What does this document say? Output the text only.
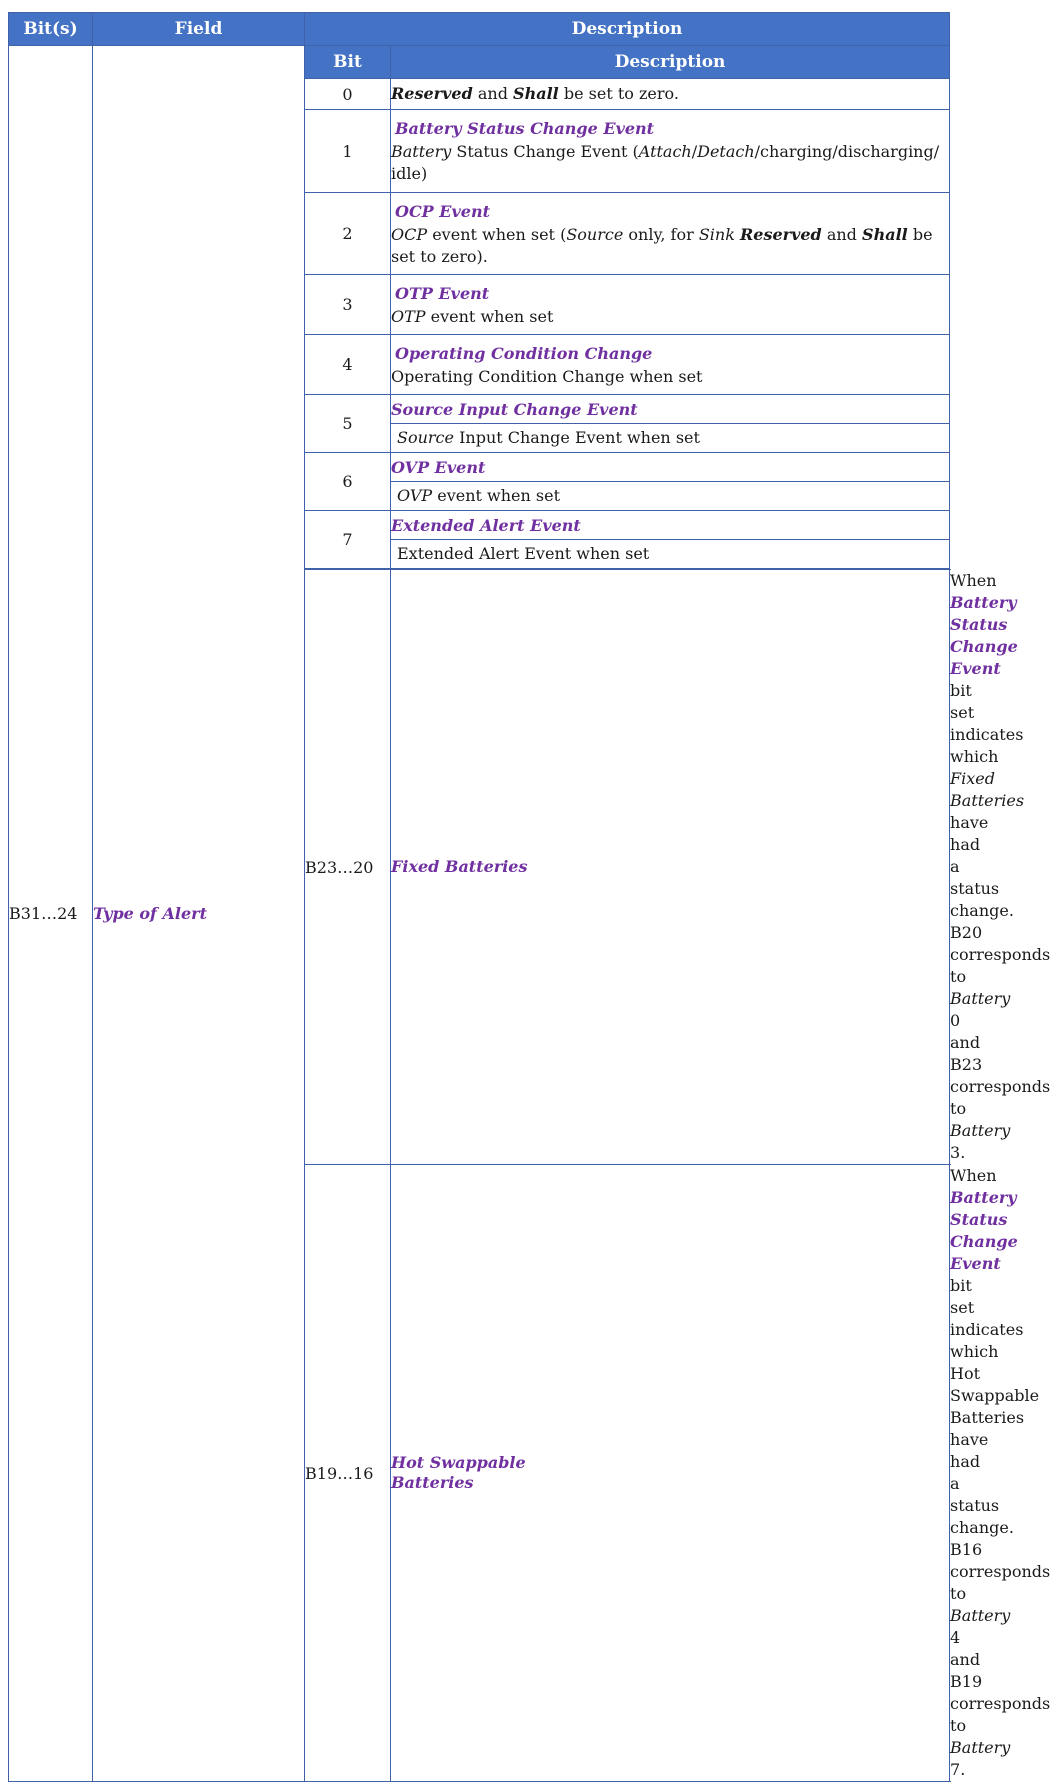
Bit(s)	Field	Description		
B31…24	Type of Alert	Bit	Description	
		0	Reserved and Shall be set to zero.	
		1	Battery Status Change Event
Battery Status Change Event (Attach/Detach/charging/discharging/ idle)	

		2	OCP Event
OCP event when set (Source only, for Sink Reserved and Shall be set to zero).	

		3	OTP Event
OTP event when set	

		4	Operating Condition Change
Operating Condition Change when set	

		5	Source Input Change Event	
			Source Input Change Event when set	
		6	OVP Event	
			OVP event when set	
		7	Extended Alert Event	
			Extended Alert Event when set	

		B23…20	Fixed Batteries	When Battery Status Change Event bit set indicates which Fixed Batteries have had a status change. B20 corresponds to Battery 0 and B23 corresponds to Battery 3.
		B19…16	Hot Swappable
Batteries	When Battery Status Change Event bit set indicates which Hot Swappable Batteries have had a status change. B16 corresponds to Battery 4 and B19 corresponds to Battery 7.
